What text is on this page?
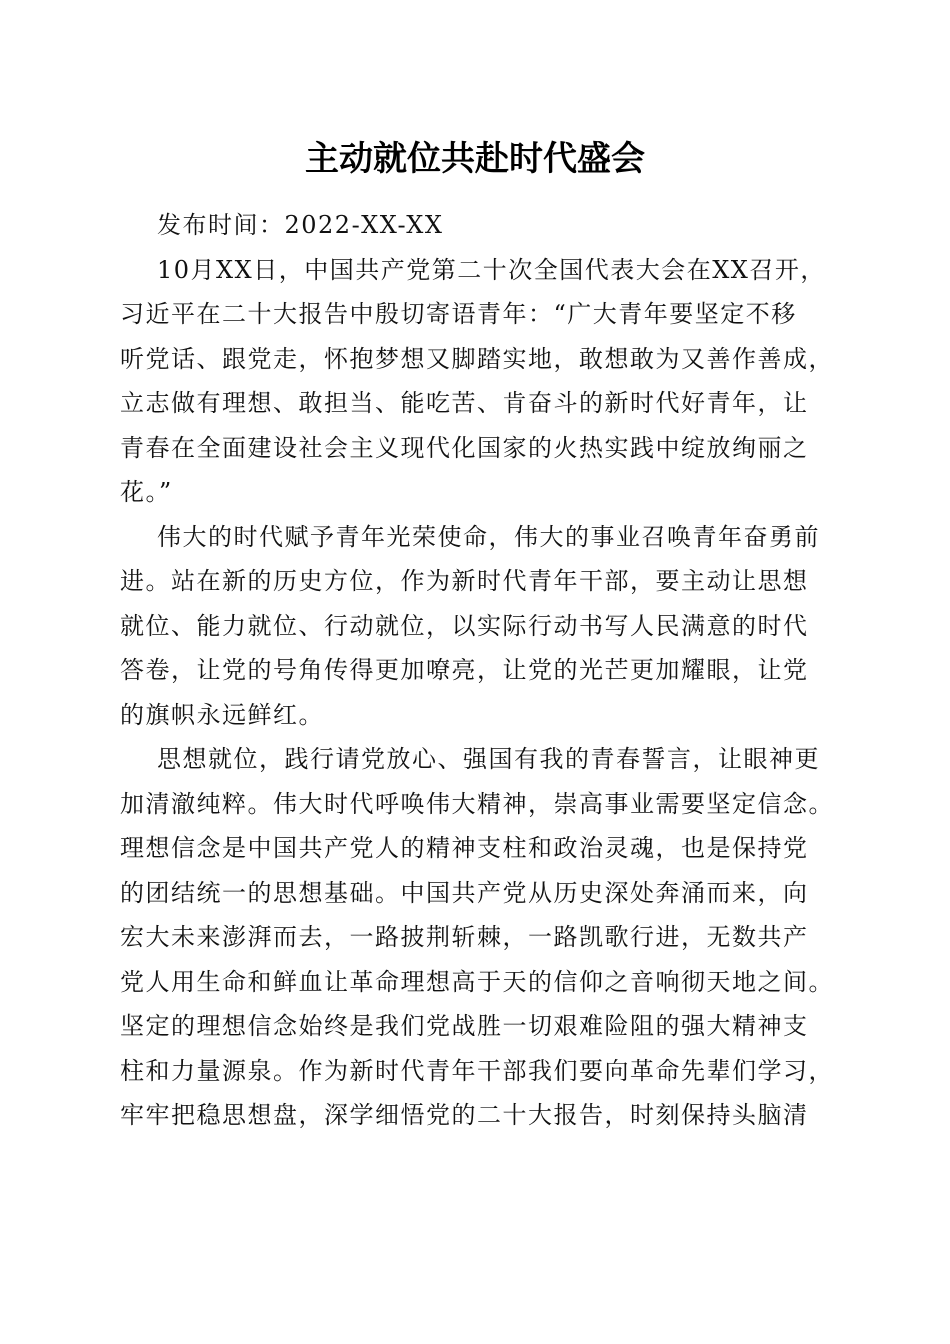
主动就位共赴时代盛会

发布时间：2022-XX-XX

10月XX日，中国共产党第二十次全国代表大会在XX召开，

习近平在二十大报告中殷切寄语青年：“广大青年要坚定不移

听党话、跟党走，怀抱梦想又脚踏实地，敢想敢为又善作善成，

立志做有理想、敢担当、能吃苦、肯奋斗的新时代好青年，让

青春在全面建设社会主义现代化国家的火热实践中绽放绚丽之

花。”

伟大的时代赋予青年光荣使命，伟大的事业召唤青年奋勇前

进。站在新的历史方位，作为新时代青年干部，要主动让思想

就位、能力就位、行动就位，以实际行动书写人民满意的时代

答卷，让党的号角传得更加嘹亮，让党的光芒更加耀眼，让党

的旗帜永远鲜红。

思想就位，践行请党放心、强国有我的青春誓言，让眼神更

加清澈纯粹。伟大时代呼唤伟大精神，崇高事业需要坚定信念。

理想信念是中国共产党人的精神支柱和政治灵魂，也是保持党

的团结统一的思想基础。中国共产党从历史深处奔涌而来，向

宏大未来澎湃而去，一路披荆斩棘，一路凯歌行进，无数共产

党人用生命和鲜血让革命理想高于天的信仰之音响彻天地之间。

坚定的理想信念始终是我们党战胜一切艰难险阻的强大精神支

柱和力量源泉。作为新时代青年干部我们要向革命先辈们学习，

牢牢把稳思想盘，深学细悟党的二十大报告，时刻保持头脑清
